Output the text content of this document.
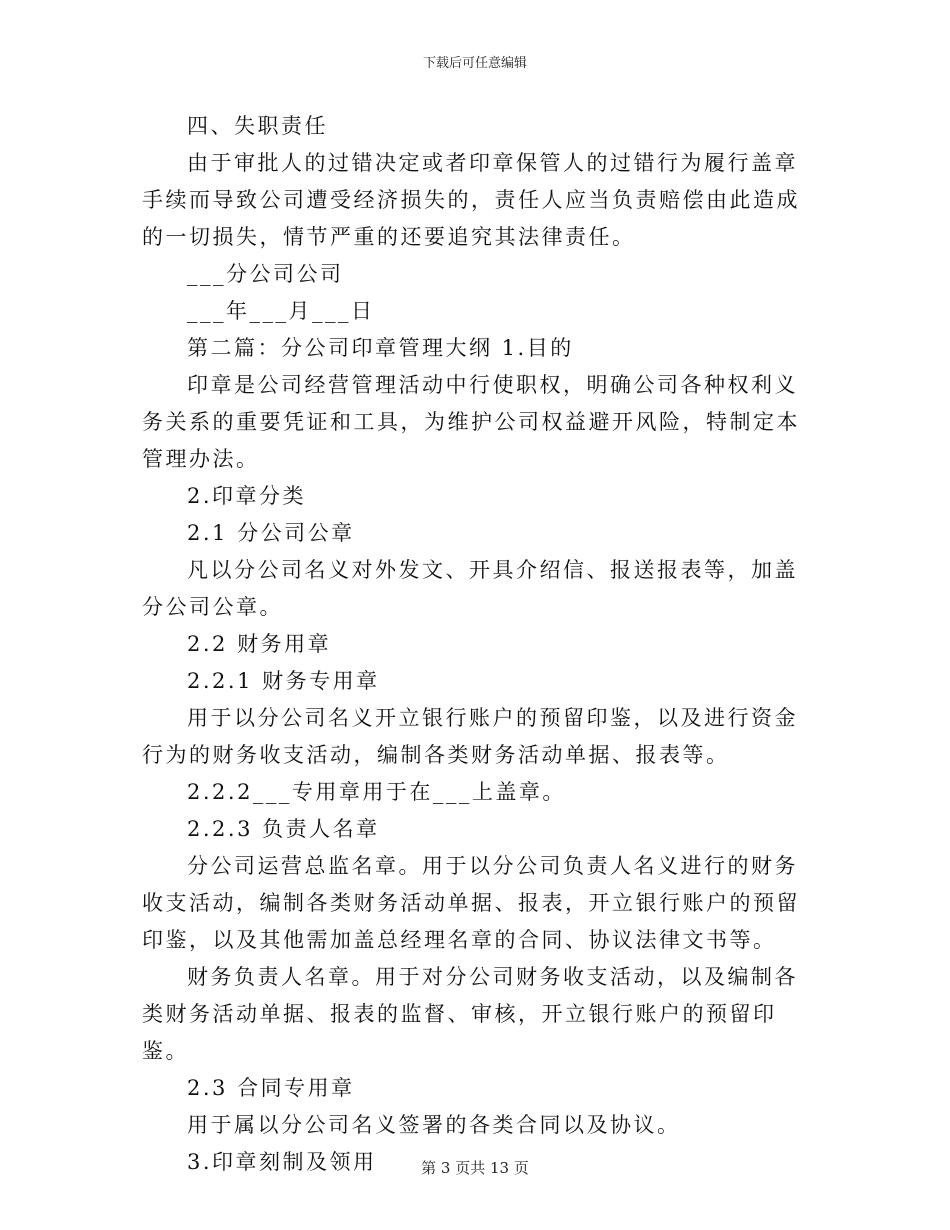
下载后可任意编辑

四、失职责任

由于审批人的过错决定或者印章保管人的过错行为履行盖章手续而导致公司遭受经济损失的，责任人应当负责赔偿由此造成的一切损失，情节严重的还要追究其法律责任。

___分公司公司

___年___月___日

第二篇：分公司印章管理大纲 1.目的

印章是公司经营管理活动中行使职权，明确公司各种权利义务关系的重要凭证和工具，为维护公司权益避开风险，特制定本管理办法。

2.印章分类

2.1 分公司公章

凡以分公司名义对外发文、开具介绍信、报送报表等，加盖分公司公章。

2.2 财务用章

2.2.1 财务专用章

用于以分公司名义开立银行账户的预留印鉴，以及进行资金行为的财务收支活动，编制各类财务活动单据、报表等。

2.2.2___专用章用于在___上盖章。

2.2.3 负责人名章

分公司运营总监名章。用于以分公司负责人名义进行的财务收支活动，编制各类财务活动单据、报表，开立银行账户的预留印鉴，以及其他需加盖总经理名章的合同、协议法律文书等。

财务负责人名章。用于对分公司财务收支活动，以及编制各类财务活动单据、报表的监督、审核，开立银行账户的预留印鉴。

2.3 合同专用章

用于属以分公司名义签署的各类合同以及协议。

3.印章刻制及领用	第 3 页共 13 页
